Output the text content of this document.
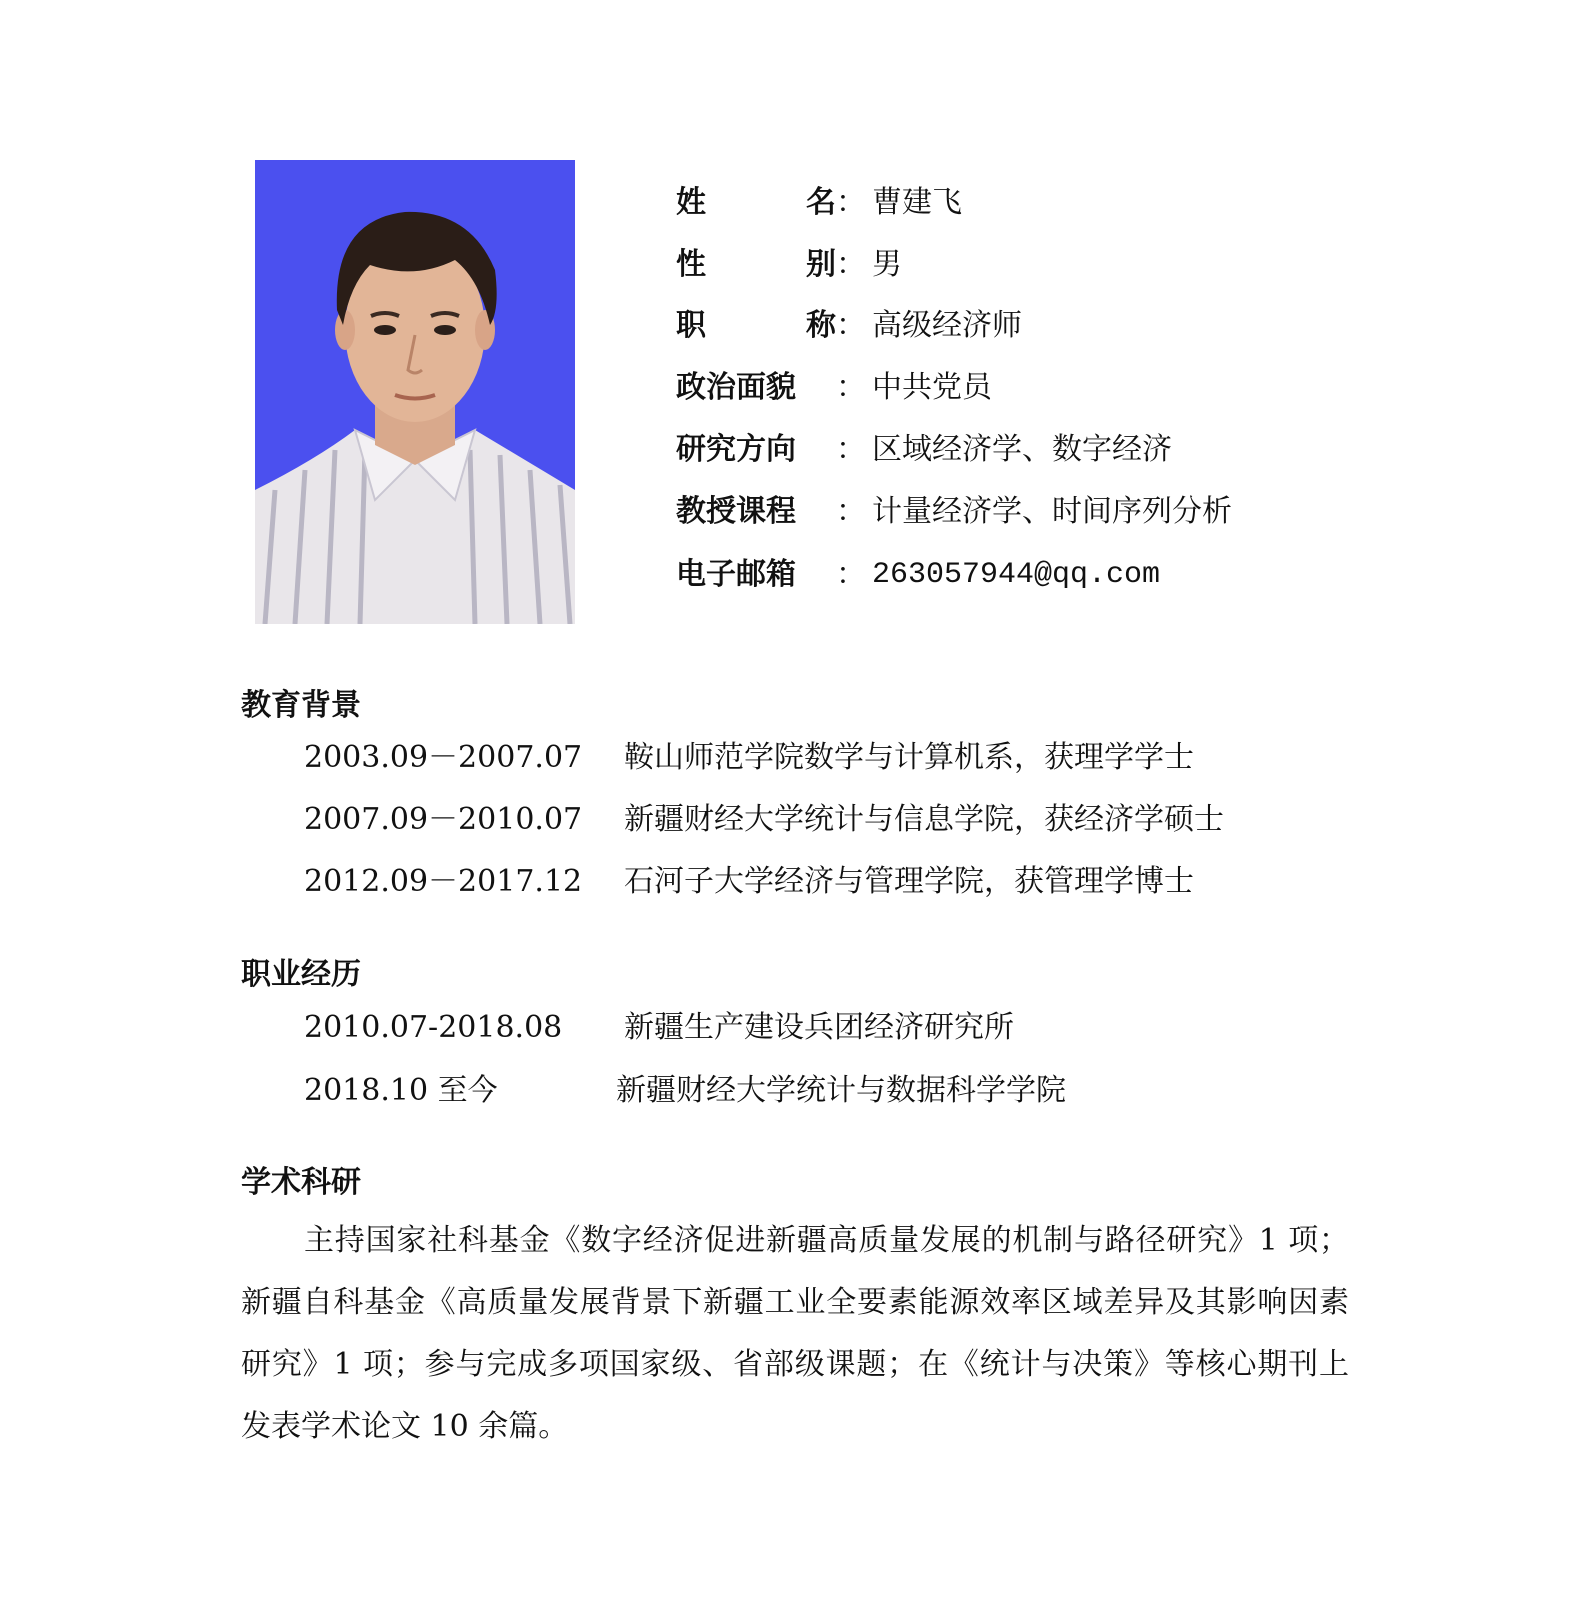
姓	名 ： 曹建飞
性	别 ： 男
职	称 ： 高级经济师
政治面貌 ： 中共党员
研究方向 ： 区域经济学、数字经济
教授课程 ： 计量经济学、时间序列分析
电子邮箱 ： 263057944@qq.com
教育背景
2003.09－2007.07 鞍山师范学院数学与计算机系，获理学学士
2007.09－2010.07 新疆财经大学统计与信息学院，获经济学硕士
2012.09－2017.12 石河子大学经济与管理学院，获管理学博士
职业经历
2010.07-2018.08 新疆生产建设兵团经济研究所
2018.10 至今	新疆财经大学统计与数据科学学院
学术科研
主持国家社科基金《数字经济促进新疆高质量发展的机制与路径研究》1 项；新疆自科基金《高质量发展背景下新疆工业全要素能源效率区域差异及其影响因素研究》1 项；参与完成多项国家级、省部级课题；在《统计与决策》等核心期刊上发表学术论文 10 余篇。
